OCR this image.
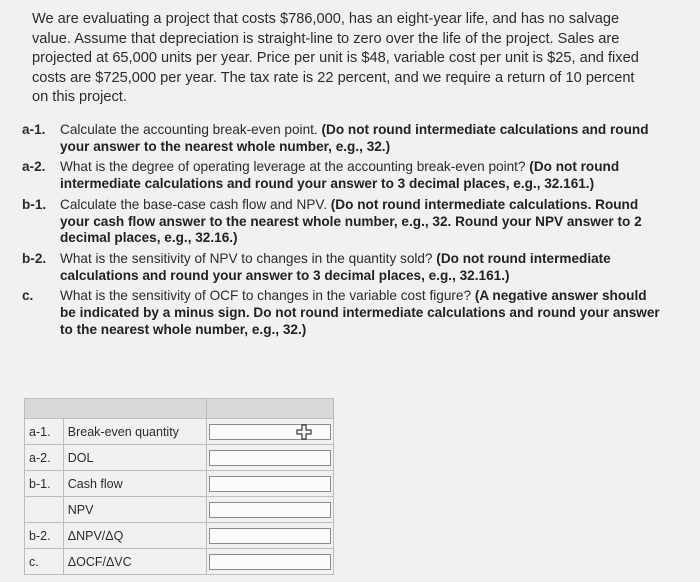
We are evaluating a project that costs $786,000, has an eight-year life, and has no salvage value. Assume that depreciation is straight-line to zero over the life of the project. Sales are projected at 65,000 units per year. Price per unit is $48, variable cost per unit is $25, and fixed costs are $725,000 per year. The tax rate is 22 percent, and we require a return of 10 percent on this project.
a-1. Calculate the accounting break-even point. (Do not round intermediate calculations and round your answer to the nearest whole number, e.g., 32.)
a-2. What is the degree of operating leverage at the accounting break-even point? (Do not round intermediate calculations and round your answer to 3 decimal places, e.g., 32.161.)
b-1. Calculate the base-case cash flow and NPV. (Do not round intermediate calculations. Round your cash flow answer to the nearest whole number, e.g., 32. Round your NPV answer to 2 decimal places, e.g., 32.16.)
b-2. What is the sensitivity of NPV to changes in the quantity sold? (Do not round intermediate calculations and round your answer to 3 decimal places, e.g., 32.161.)
c. What is the sensitivity of OCF to changes in the variable cost figure? (A negative answer should be indicated by a minus sign. Do not round intermediate calculations and round your answer to the nearest whole number, e.g., 32.)

a-1.	Break-even quantity	

a-2.	DOL	

b-1.	Cash flow	

	NPV	

b-2.	ΔNPV/ΔQ	

c.	ΔOCF/ΔVC	
